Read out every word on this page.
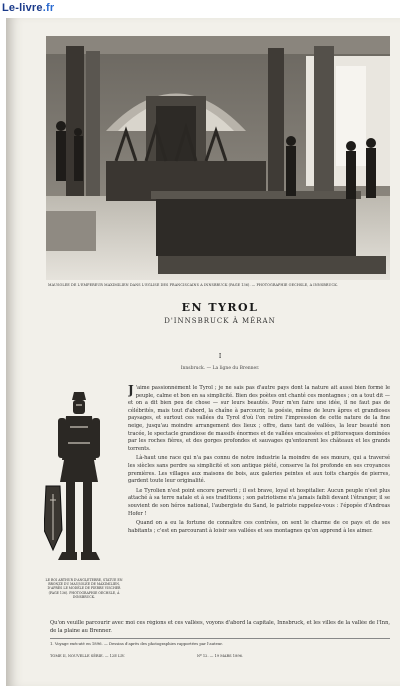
Le-livre.fr
MAUSOLÉE DE L'EMPEREUR MAXIMILIEN DANS L'ÉGLISE DES FRANCISCAINS À INNSBRUCK (PAGE 136). — PHOTOGRAPHIE OECHSLE, À INNSBRUCK.
EN TYROL
D'INNSBRUCK À MÉRAN
I
Innsbruck. — La ligne du Brenner.
LE ROI ARTHUR D'ANGLETERRE, STATUE EN BRONZE DU MAUSOLÉE DE MAXIMILIEN, D'APRÈS LE MODÈLE DE PIERRE VISCHER (PAGE 136). PHOTOGRAPHIE OECHSLE, À INNSBRUCK.

J 'aime passionnément le Tyrol ; je ne sais pas d'autre pays dont la nature ait aussi bien formé le peuple, calme et bon en sa simplicité. Bien des poètes ont chanté ces montagnes ; on a tout dit — et on a dit bien peu de chose — sur leurs beautés. Pour m'en faire une idée, il ne faut pas de célébrités, mais tout d'abord, la chaîne à parcourir, la poésie, même de leurs âpres et grandioses paysages, et surtout ces vallées du Tyrol d'où l'on retire l'impression de cette nature de la fine neige, jusqu'au moindre arrangement des lieux ; offre, dans tant de vallées, la leur beauté non tracée, le spectacle grandiose de massifs énormes et de vallées encaissées et pittoresques dominées par les roches fières, et des gorges profondes et sauvages qu'entourent les châteaux et les grands torrents.

Là-haut une race qui n'a pas connu de notre industrie la moindre de ses mœurs, qui a traversé les siècles sans perdre sa simplicité et son antique piété, conserve la foi profonde en ses croyances premières. Les villages aux maisons de bois, aux galeries peintes et aux toits chargés de pierres, gardent toute leur originalité.

Le Tyrolien n'est point encore perverti ; il est brave, loyal et hospitalier. Aucun peuple n'est plus attaché à sa terre natale et à ses traditions ; son patriotisme n'a jamais faibli devant l'étranger, il se souvient de son héros national, l'aubergiste du Sand, le patriote rappelez-vous : l'épopée d'Andreas Hofer !

Quand on a eu la fortune de connaître ces contrées, on sent le charme de ce pays et de ses habitants ; c'est en parcourant à loisir ses vallées et ses montagnes qu'on apprend à les aimer.

Qu'on veuille parcourir avec moi ces régions et ces vallées, voyons d'abord la capitale, Innsbruck, et les villes de la vallée de l'Inn, de la plaine au Brenner.
1. Voyage exécuté en 1896. — Dessins d'après des photographies rapportées par l'auteur.
TOME II, NOUVELLE SÉRIE. — 12E LIV.	Nº 12. — 19 MARS 1896.
